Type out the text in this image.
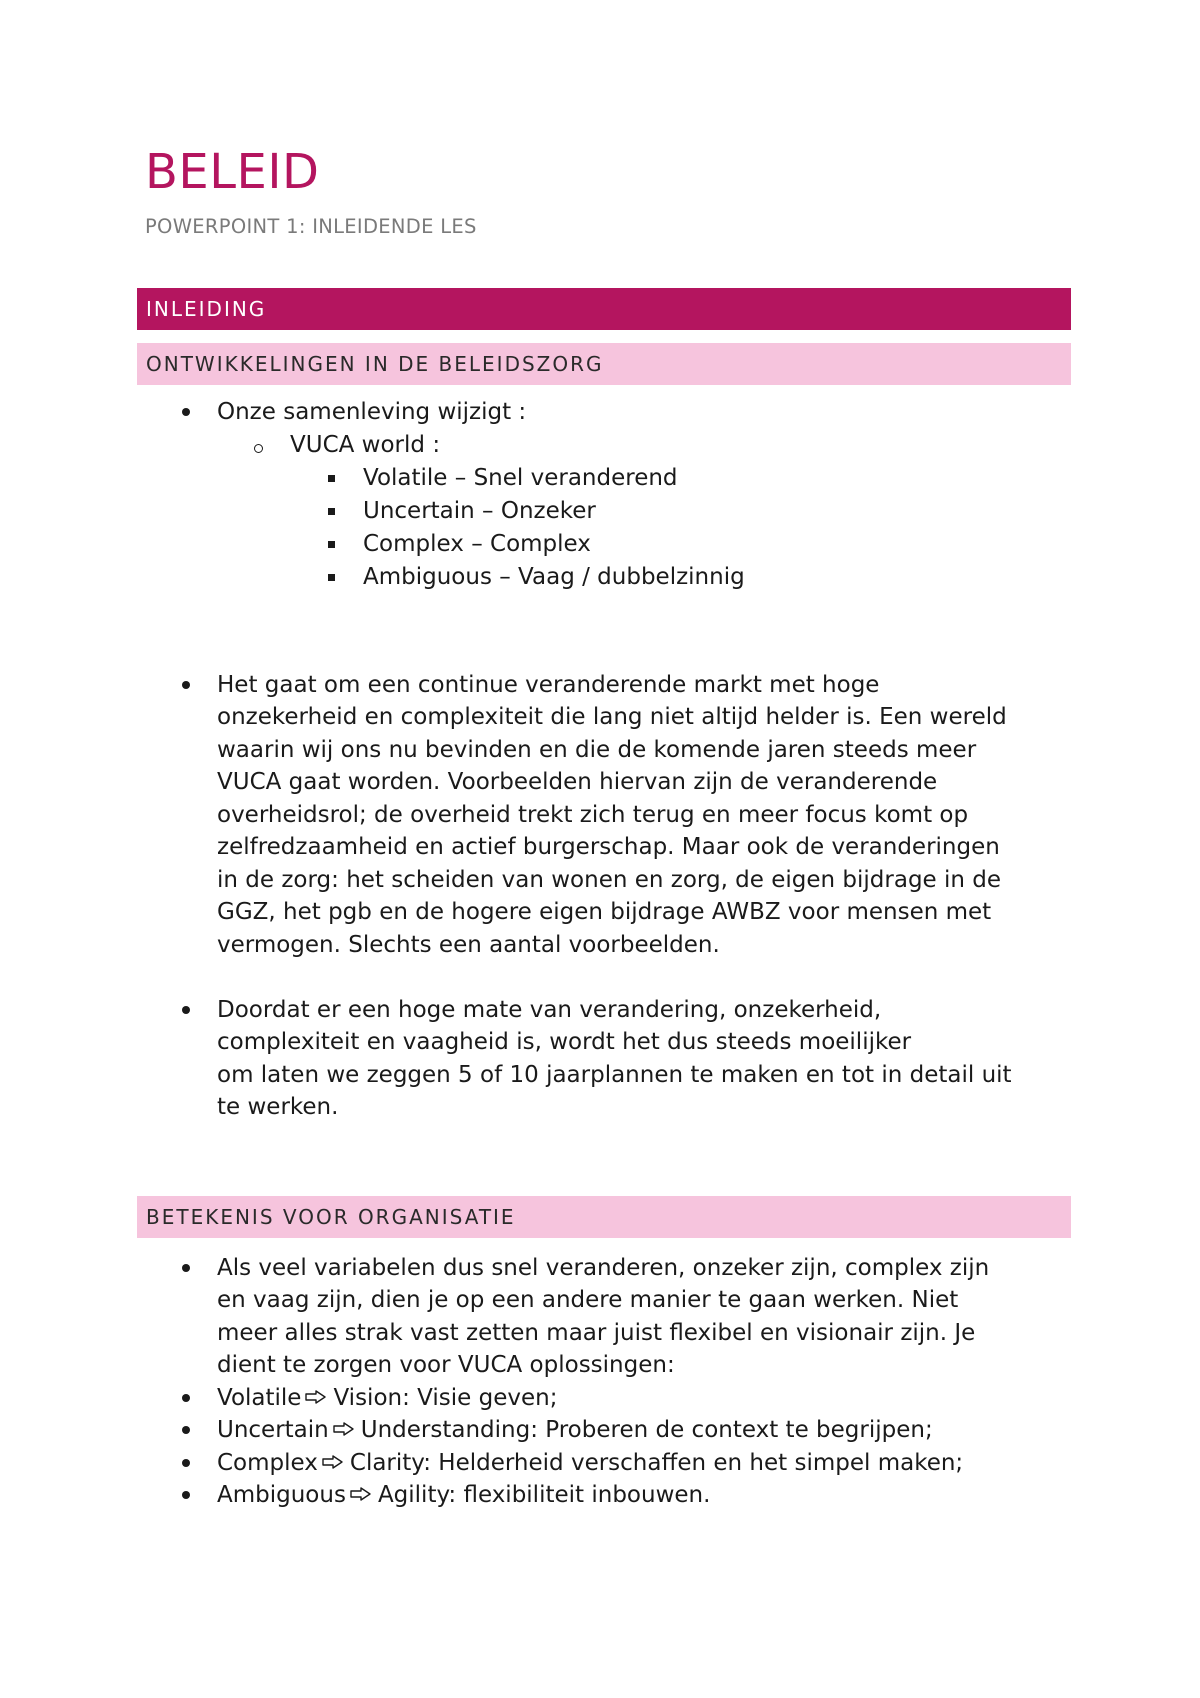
BELEID

POWERPOINT 1: INLEIDENDE LES

INLEIDING
ONTWIKKELINGEN IN DE BELEIDSZORG

Onze samenleving wijzigt :

VUCA world :

Volatile – Snel veranderend

Uncertain – Onzeker

Complex – Complex

Ambiguous – Vaag / dubbelzinnig

Het gaat om een continue veranderende markt met hoge

onzekerheid en complexiteit die lang niet altijd helder is. Een wereld

waarin wij ons nu bevinden en die de komende jaren steeds meer

VUCA gaat worden. Voorbeelden hiervan zijn de veranderende

overheidsrol; de overheid trekt zich terug en meer focus komt op

zelfredzaamheid en actief burgerschap. Maar ook de veranderingen

in de zorg: het scheiden van wonen en zorg, de eigen bijdrage in de

GGZ, het pgb en de hogere eigen bijdrage AWBZ voor mensen met

vermogen. Slechts een aantal voorbeelden.

Doordat er een hoge mate van verandering, onzekerheid,

complexiteit en vaagheid is, wordt het dus steeds moeilijker

om laten we zeggen 5 of 10 jaarplannen te maken en tot in detail uit

te werken.

BETEKENIS VOOR ORGANISATIE

Als veel variabelen dus snel veranderen, onzeker zijn, complex zijn

en vaag zijn, dien je op een andere manier te gaan werken. Niet

meer alles strak vast zetten maar juist flexibel en visionair zijn. Je

dient te zorgen voor VUCA oplossingen:

Volatile Vision: Visie geven;

Uncertain Understanding: Proberen de context te begrijpen;

Complex Clarity: Helderheid verschaffen en het simpel maken;

Ambiguous Agility: flexibiliteit inbouwen.
